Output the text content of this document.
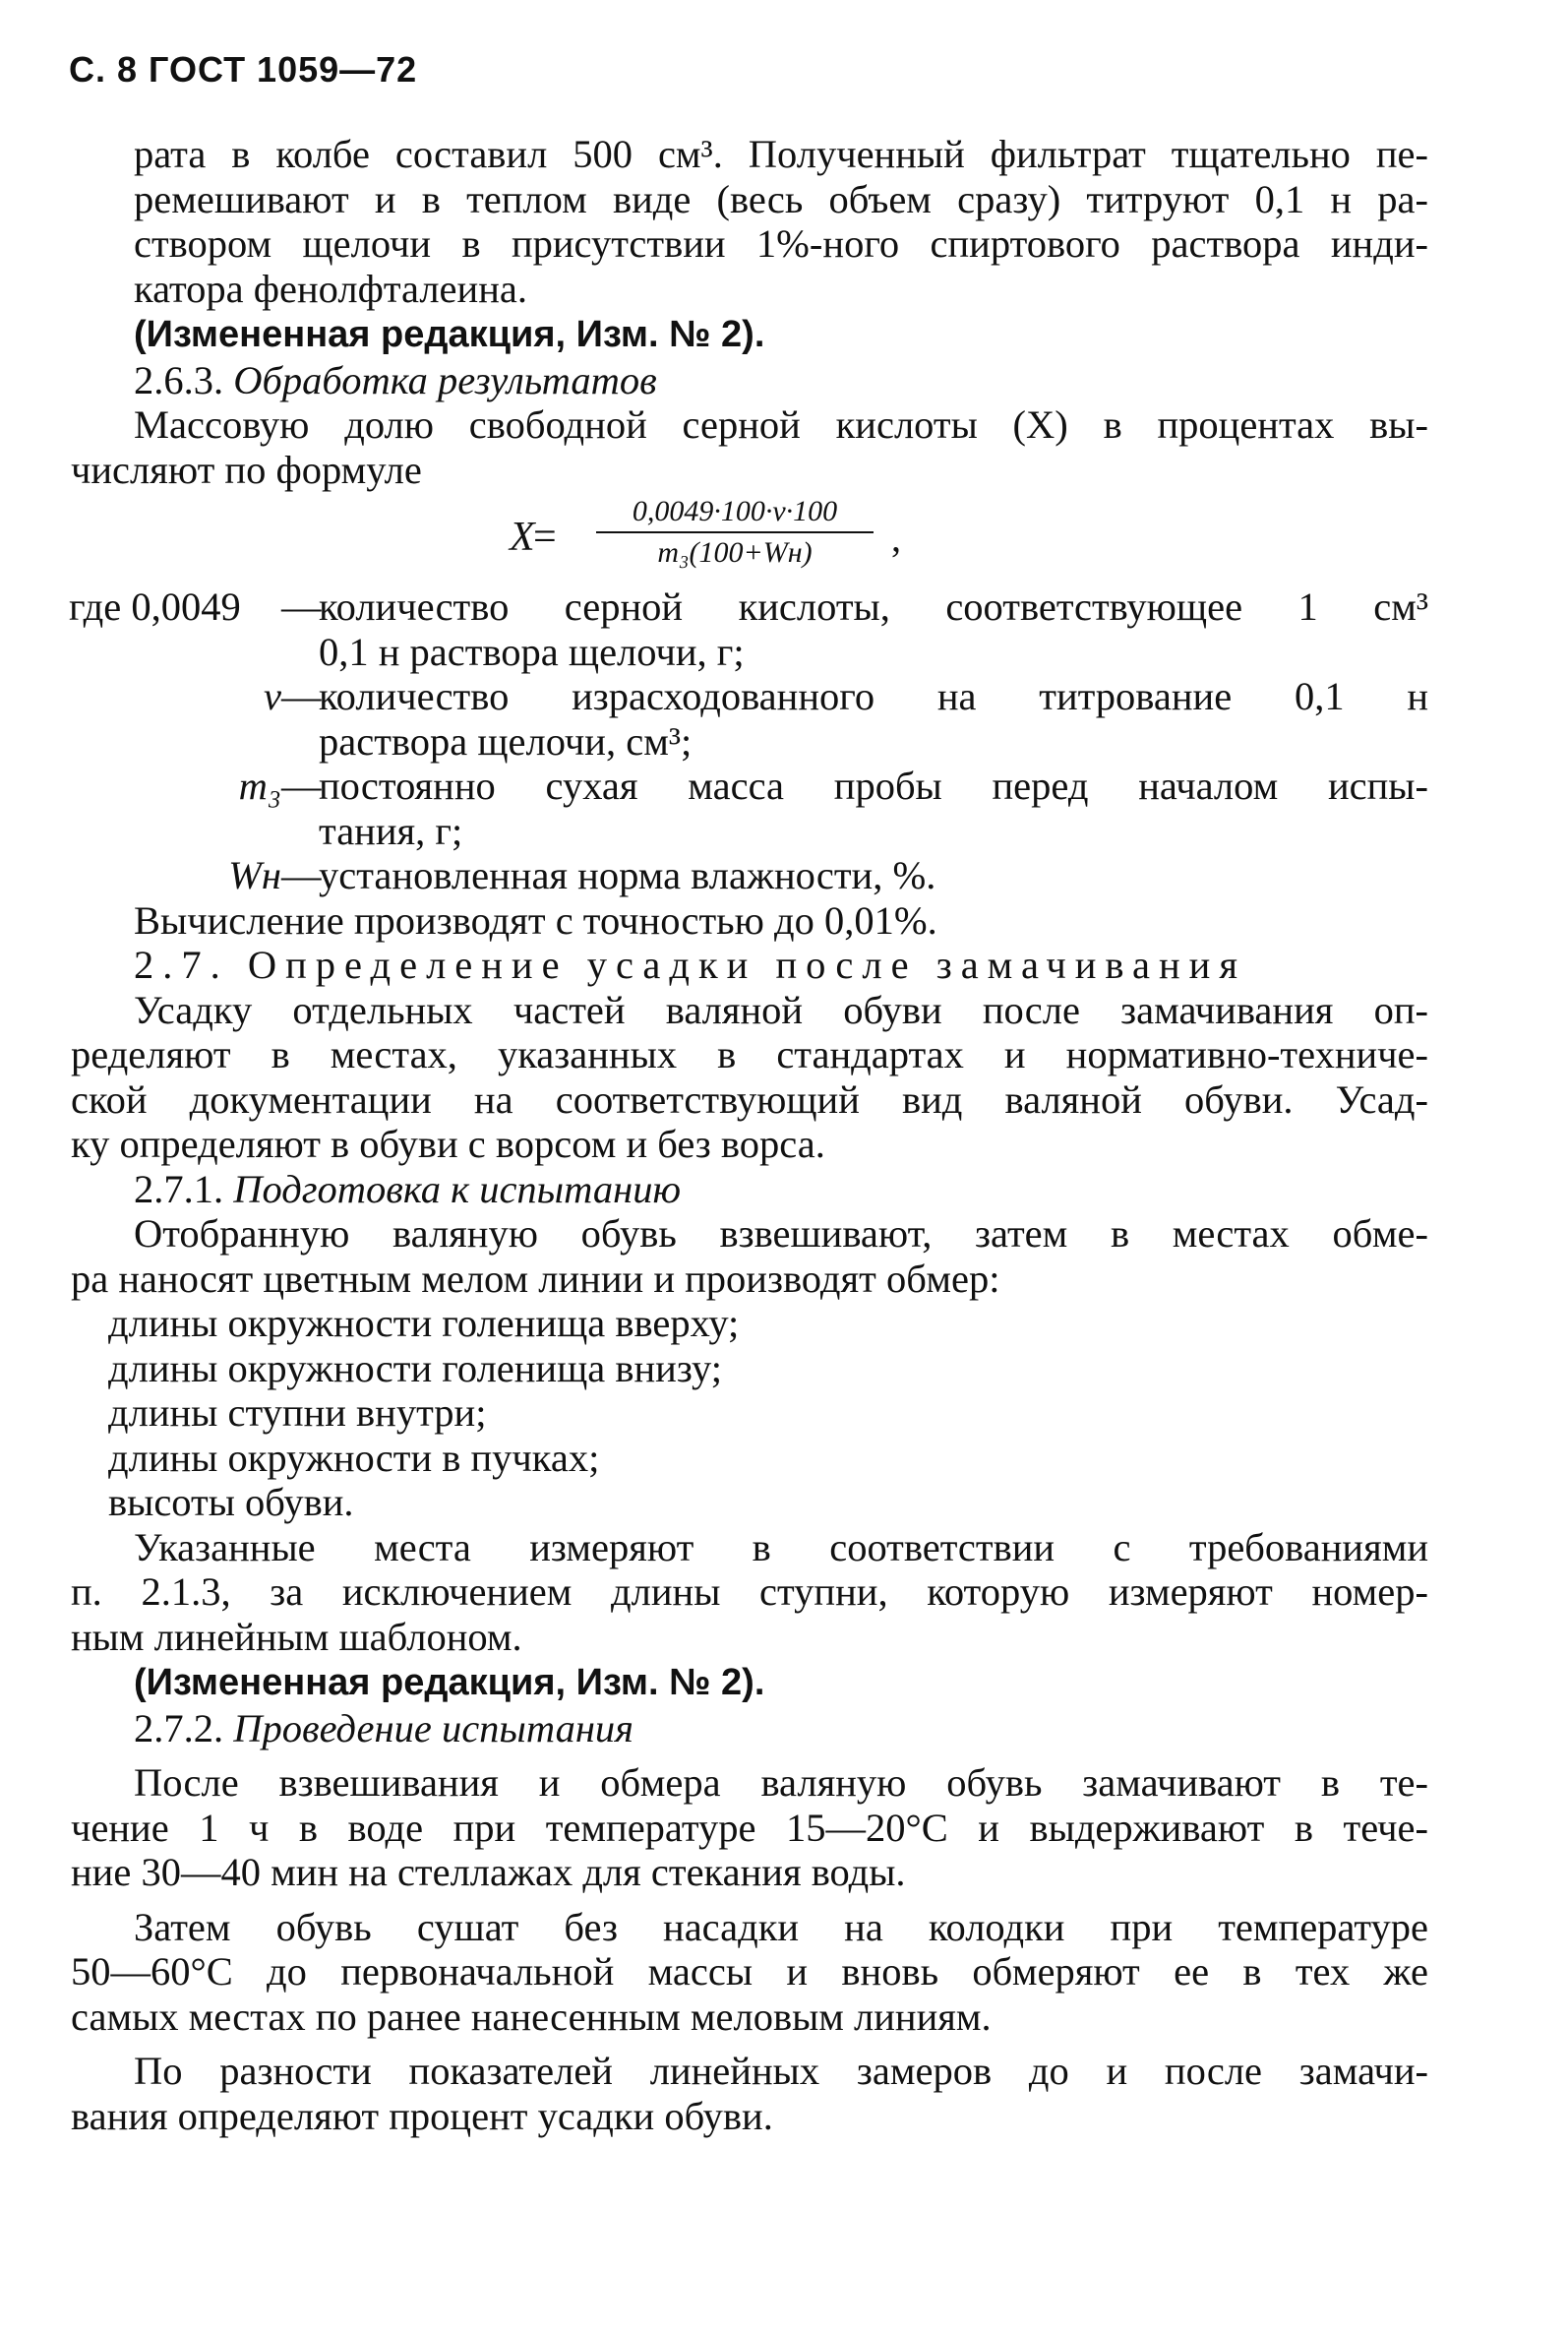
С. 8 ГОСТ 1059—72

рата в колбе составил 500 см³. Полученный фильтрат тщательно пе-

ремешивают и в теплом виде (весь объем сразу) титруют 0,1 н ра-

створом щелочи в присутствии 1%-ного спиртового раствора инди-

катора фенолфталеина.

(Измененная редакция, Изм. № 2).

2.6.3. Обработка результатов

Массовую долю свободной серной кислоты (X) в процентах вы-

числяют по формуле

X
=
0,0049·100·v·100
m₃(100+Wн)	,
где 0,0049	—
количество серной кислоты, соответствующее 1 см³
0,1 н раствора щелочи, г;
v —
количество израсходованного на титрование 0,1 н
раствора щелочи, см³;
m₃ —
постоянно сухая масса пробы перед началом испы-
тания, г;
Wн —
установленная норма влажности, %.

Вычисление производят с точностью до 0,01%.

2.7. Определение усадки после замачивания

Усадку отдельных частей валяной обуви после замачивания оп-

ределяют в местах, указанных в стандартах и нормативно-техниче-

ской документации на соответствующий вид валяной обуви. Усад-

ку определяют в обуви с ворсом и без ворса.

2.7.1. Подготовка к испытанию

Отобранную валяную обувь взвешивают, затем в местах обме-

ра наносят цветным мелом линии и производят обмер:

длины окружности голенища вверху;

длины окружности голенища внизу;

длины ступни внутри;

длины окружности в пучках;

высоты обуви.

Указанные места измеряют в соответствии с требованиями

п. 2.1.3, за исключением длины ступни, которую измеряют номер-

ным линейным шаблоном.

(Измененная редакция, Изм. № 2).

2.7.2. Проведение испытания

После взвешивания и обмера валяную обувь замачивают в те-

чение 1 ч в воде при температуре 15—20°С и выдерживают в тече-

ние 30—40 мин на стеллажах для стекания воды.

Затем обувь сушат без насадки на колодки при температуре

50—60°С до первоначальной массы и вновь обмеряют ее в тех же

самых местах по ранее нанесенным меловым линиям.

По разности показателей линейных замеров до и после замачи-

вания определяют процент усадки обуви.
